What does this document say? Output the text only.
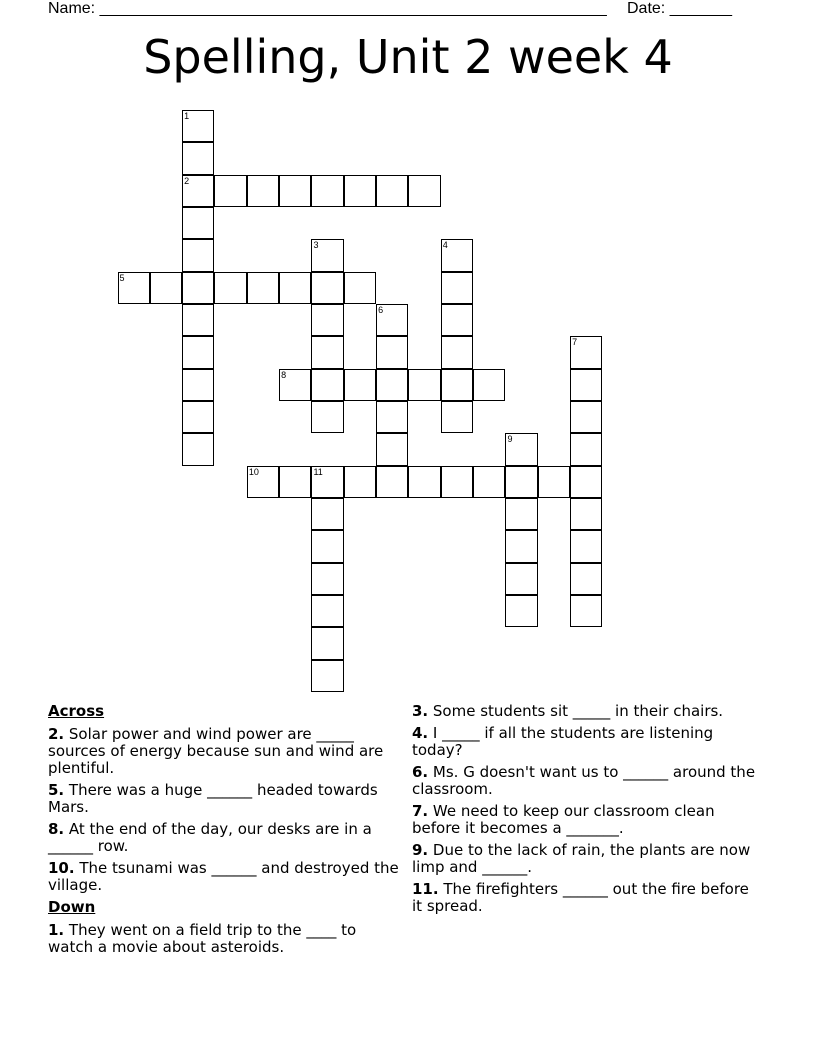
Name: _________________________________________________________ Date: _______
Spelling, Unit 2 week 4
1
2
3	4
5
6
7
8
9
10	11
Across
2. Solar power and wind power are _____ sources of energy because sun and wind are plentiful.
5. There was a huge ______ headed towards Mars.
8. At the end of the day, our desks are in a ______ row.
10. The tsunami was ______ and destroyed the village.
Down
1. They went on a field trip to the ____ to watch a movie about asteroids.
3. Some students sit _____ in their chairs.
4. I _____ if all the students are listening today?
6. Ms. G doesn't want us to ______ around the classroom.
7. We need to keep our classroom clean before it becomes a _______.
9. Due to the lack of rain, the plants are now limp and ______.
11. The firefighters ______ out the fire before it spread.
